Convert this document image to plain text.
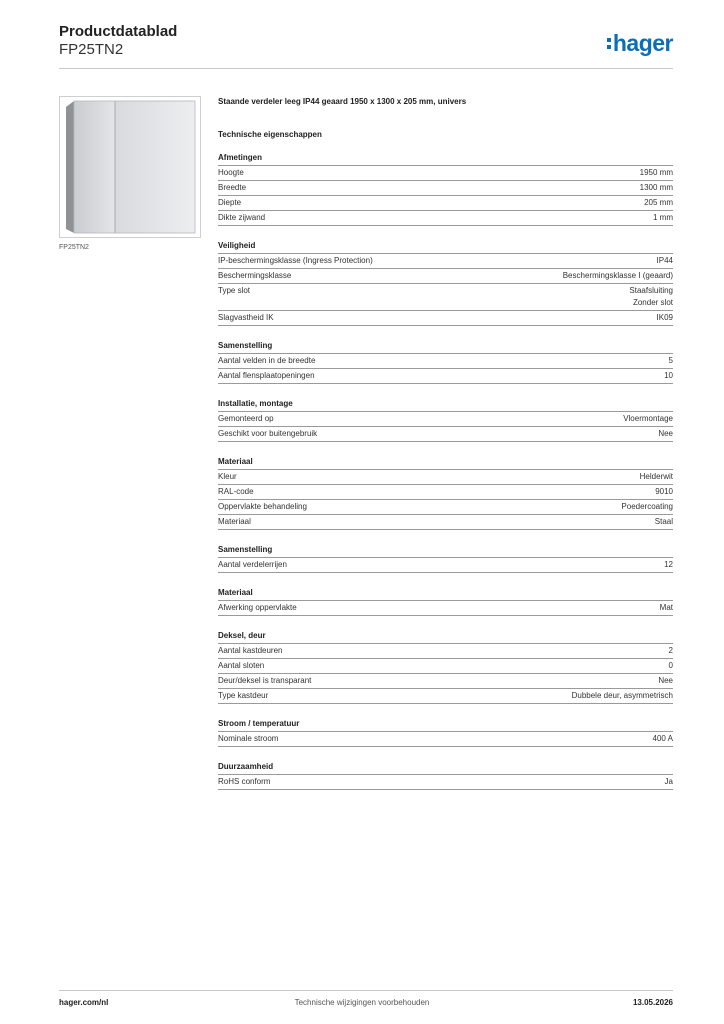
Productdatablad
FP25TN2	hager
FP25TN2
Staande verdeler leeg IP44 geaard 1950 x 1300 x 205 mm, univers
Technische eigenschappen
Afmetingen
Hoogte	1950 mm
Breedte	1300 mm
Diepte	205 mm
Dikte zijwand	1 mm
Veiligheid
IP-beschermingsklasse (Ingress Protection)	IP44
Beschermingsklasse	Beschermingsklasse I (geaard)
Type slot	Staafsluiting
Zonder slot
Slagvastheid IK	IK09
Samenstelling
Aantal velden in de breedte	5
Aantal flensplaatopeningen	10
Installatie, montage
Gemonteerd op	Vloermontage
Geschikt voor buitengebruik	Nee
Materiaal
Kleur	Helderwit
RAL-code	9010
Oppervlakte behandeling	Poedercoating
Materiaal	Staal
Samenstelling
Aantal verdelerrijen	12
Materiaal
Afwerking oppervlakte	Mat
Deksel, deur
Aantal kastdeuren	2
Aantal sloten	0
Deur/deksel is transparant	Nee
Type kastdeur	Dubbele deur, asymmetrisch
Stroom / temperatuur
Nominale stroom	400 A
Duurzaamheid
RoHS conform	Ja
hager.com/nl	Technische wijzigingen voorbehouden	13.05.2026
